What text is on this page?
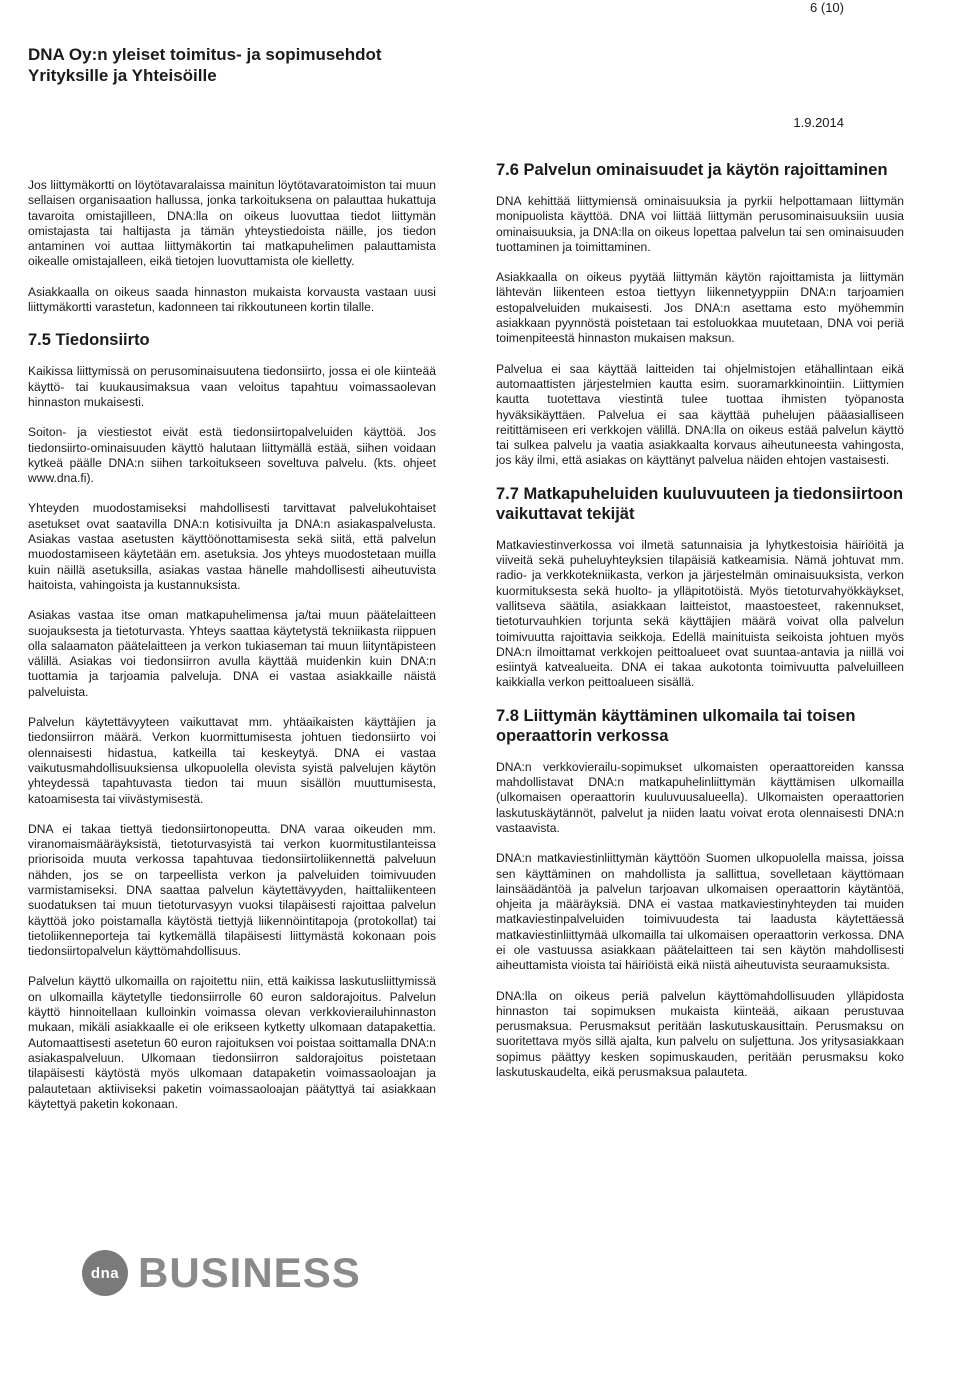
6 (10)
DNA Oy:n yleiset toimitus- ja sopimusehdot
Yrityksille ja Yhteisöille
1.9.2014

Jos liittymäkortti on löytötavaralaissa mainitun löytötavaratoimiston tai muun sellaisen organisaation hallussa, jonka tarkoituksena on palauttaa hukattuja tavaroita omistajilleen, DNA:lla on oikeus luovuttaa tiedot liittymän omistajasta tai haltijasta ja tämän yhteystiedoista näille, jos tiedon antaminen voi auttaa liittymäkortin tai matkapuhelimen palauttamista oikealle omistajalleen, eikä tietojen luovuttamista ole kielletty.

Asiakkaalla on oikeus saada hinnaston mukaista korvausta vastaan uusi liittymäkortti varastetun, kadonneen tai rikkoutuneen kortin tilalle.

7.5 Tiedonsiirto

Kaikissa liittymissä on perusominaisuutena tiedonsiirto, jossa ei ole kiinteää käyttö- tai kuukausimaksua vaan veloitus tapahtuu voimassaolevan hinnaston mukaisesti.

Soiton- ja viestiestot eivät estä tiedonsiirtopalveluiden käyttöä. Jos tiedonsiirto-ominaisuuden käyttö halutaan liittymällä estää, siihen voidaan kytkeä päälle DNA:n siihen tarkoitukseen soveltuva palvelu. (kts. ohjeet www.dna.fi).

Yhteyden muodostamiseksi mahdollisesti tarvittavat palvelukohtaiset asetukset ovat saatavilla DNA:n kotisivuilta ja DNA:n asiakaspalvelusta. Asiakas vastaa asetusten käyttöönottamisesta sekä siitä, että palvelun muodostamiseen käytetään em. asetuksia. Jos yhteys muodostetaan muilla kuin näillä asetuksilla, asiakas vastaa hänelle mahdollisesti aiheutuvista haitoista, vahingoista ja kustannuksista.

Asiakas vastaa itse oman matkapuhelimensa ja/tai muun päätelaitteen suojauksesta ja tietoturvasta. Yhteys saattaa käytetystä tekniikasta riippuen olla salaamaton päätelaitteen ja verkon tukiaseman tai muun liityntäpisteen välillä. Asiakas voi tiedonsiirron avulla käyttää muidenkin kuin DNA:n tuottamia ja tarjoamia palveluja. DNA ei vastaa asiakkaille näistä palveluista.

Palvelun käytettävyyteen vaikuttavat mm. yhtäaikaisten käyttäjien ja tiedonsiirron määrä. Verkon kuormittumisesta johtuen tiedonsiirto voi olennaisesti hidastua, katkeilla tai keskeytyä. DNA ei vastaa vaikutusmahdollisuuksiensa ulkopuolella olevista syistä palvelujen käytön yhteydessä tapahtuvasta tiedon tai muun sisällön muuttumisesta, katoamisesta tai viivästymisestä.

DNA ei takaa tiettyä tiedonsiirtonopeutta. DNA varaa oikeuden mm. viranomaismääräyksistä, tietoturvasyistä tai verkon kuormitustilanteissa priorisoida muuta verkossa tapahtuvaa tiedonsiirtoliikennettä palveluun nähden, jos se on tarpeellista verkon ja palveluiden toimivuuden varmistamiseksi. DNA saattaa palvelun käytettävyyden, haittaliikenteen suodatuksen tai muun tietoturvasyyn vuoksi tilapäisesti rajoittaa palvelun käyttöä joko poistamalla käytöstä tiettyjä liikennöintitapoja (protokollat) tai tietoliikenneporteja tai kytkemällä tilapäisesti liittymästä kokonaan pois tiedonsiirtopalvelun käyttömahdollisuus.

Palvelun käyttö ulkomailla on rajoitettu niin, että kaikissa laskutusliittymissä on ulkomailla käytetylle tiedonsiirrolle 60 euron saldorajoitus. Palvelun käyttö hinnoitellaan kulloinkin voimassa olevan verkkovierailuhinnaston mukaan, mikäli asiakkaalle ei ole erikseen kytketty ulkomaan datapakettia. Automaattisesti asetetun 60 euron rajoituksen voi poistaa soittamalla DNA:n asiakaspalveluun. Ulkomaan tiedonsiirron saldorajoitus poistetaan tilapäisesti käytöstä myös ulkomaan datapaketin voimassaoloajan ja palautetaan aktiiviseksi paketin voimassaoloajan päätyttyä tai asiakkaan käytettyä paketin kokonaan.

7.6 Palvelun ominaisuudet ja käytön rajoittaminen

DNA kehittää liittymiensä ominaisuuksia ja pyrkii helpottamaan liittymän monipuolista käyttöä. DNA voi liittää liittymän perusominaisuuksiin uusia ominaisuuksia, ja DNA:lla on oikeus lopettaa palvelun tai sen ominaisuuden tuottaminen ja toimittaminen.

Asiakkaalla on oikeus pyytää liittymän käytön rajoittamista ja liittymän lähtevän liikenteen estoa tiettyyn liikennetyyppiin DNA:n tarjoamien estopalveluiden mukaisesti. Jos DNA:n asettama esto myöhemmin asiakkaan pyynnöstä poistetaan tai estoluokkaa muutetaan, DNA voi periä toimenpiteestä hinnaston mukaisen maksun.

Palvelua ei saa käyttää laitteiden tai ohjelmistojen etähallintaan eikä automaattisten järjestelmien kautta esim. suoramarkkinointiin. Liittymien kautta tuotettava viestintä tulee tuottaa ihmisten työpanosta hyväksikäyttäen. Palvelua ei saa käyttää puhelujen pääasialliseen reitittämiseen eri verkkojen välillä. DNA:lla on oikeus estää palvelun käyttö tai sulkea palvelu ja vaatia asiakkaalta korvaus aiheutuneesta vahingosta, jos käy ilmi, että asiakas on käyttänyt palvelua näiden ehtojen vastaisesti.

7.7 Matkapuheluiden kuuluvuuteen ja tiedonsiirtoon vaikuttavat tekijät

Matkaviestinverkossa voi ilmetä satunnaisia ja lyhytkestoisia häiriöitä ja viiveitä sekä puheluyhteyksien tilapäisiä katkeamisia. Nämä johtuvat mm. radio- ja verkkotekniikasta, verkon ja järjestelmän ominaisuuksista, verkon kuormituksesta sekä huolto- ja ylläpitotöistä. Myös tietoturvahyökkäykset, vallitseva säätila, asiakkaan laitteistot, maastoesteet, rakennukset, tietoturvauhkien torjunta sekä käyttäjien määrä voivat olla palvelun toimivuutta rajoittavia seikkoja. Edellä mainituista seikoista johtuen myös DNA:n ilmoittamat verkkojen peittoalueet ovat suuntaa-antavia ja niillä voi esiintyä katvealueita. DNA ei takaa aukotonta toimivuutta palveluilleen kaikkialla verkon peittoalueen sisällä.

7.8 Liittymän käyttäminen ulkomaila tai toisen operaattorin verkossa

DNA:n verkkovierailu-sopimukset ulkomaisten operaattoreiden kanssa mahdollistavat DNA:n matkapuhelinliittymän käyttämisen ulkomailla (ulkomaisen operaattorin kuuluvuusalueella). Ulkomaisten operaattorien laskutuskäytännöt, palvelut ja niiden laatu voivat erota olennaisesti DNA:n vastaavista.

DNA:n matkaviestinliittymän käyttöön Suomen ulkopuolella maissa, joissa sen käyttäminen on mahdollista ja sallittua, sovelletaan käyttömaan lainsäädäntöä ja palvelun tarjoavan ulkomaisen operaattorin käytäntöä, ohjeita ja määräyksiä. DNA ei vastaa matkaviestinyhteyden tai muiden matkaviestinpalveluiden toimivuudesta tai laadusta käytettäessä matkaviestinliittymää ulkomailla tai ulkomaisen operaattorin verkossa. DNA ei ole vastuussa asiakkaan päätelaitteen tai sen käytön mahdollisesti aiheuttamista vioista tai häiriöistä eikä niistä aiheutuvista seuraamuksista.

DNA:lla on oikeus periä palvelun käyttömahdollisuuden ylläpidosta hinnaston tai sopimuksen mukaista kiinteää, aikaan perustuvaa perusmaksua. Perusmaksut peritään laskutuskausittain. Perusmaksu on suoritettava myös sillä ajalta, kun palvelu on suljettuna. Jos yritysasiakkaan sopimus päättyy kesken sopimuskauden, peritään perusmaksu koko laskutuskaudelta, eikä perusmaksua palauteta.

dna BUSINESS
